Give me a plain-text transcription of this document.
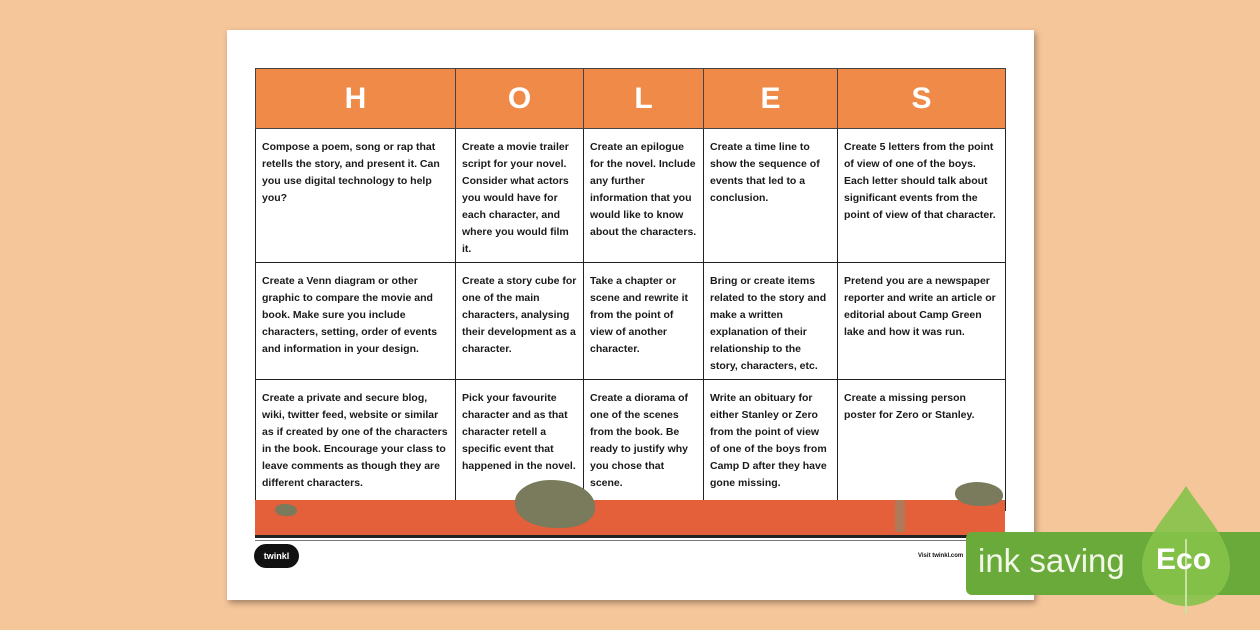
H	O	L	E	S
Compose a poem, song or rap that retells the story, and present it. Can you use digital technology to help you?	Create a movie trailer script for your novel. Consider what actors you would have for each character, and where you would film it.	Create an epilogue for the novel. Include any further information that you would like to know about the characters.	Create a time line to show the sequence of events that led to a conclusion.	Create 5 letters from the point of view of one of the boys. Each letter should talk about significant events from the point of view of that character.
Create a Venn diagram or other graphic to compare the movie and book. Make sure you include characters, setting, order of events and information in your design.	Create a story cube for one of the main characters, analysing their development as a character.	Take a chapter or scene and rewrite it from the point of view of another character.	Bring or create items related to the story and make a written explanation of their relationship to the story, characters, etc.	Pretend you are a newspaper reporter and write an article or editorial about Camp Green lake and how it was run.
Create a private and secure blog, wiki, twitter feed, website or similar as if created by one of the characters in the book. Encourage your class to leave comments as though they are different characters.	Pick your favourite character and as that character retell a specific event that happened in the novel.	Create a diorama of one of the scenes from the book. Be ready to justify why you chose that scene.	Write an obituary for either Stanley or Zero from the point of view of one of the boys from Camp D after they have gone missing.	Create a missing person poster for Zero or Stanley.
twinkl	Visit twinkl.com ink saving Eco
